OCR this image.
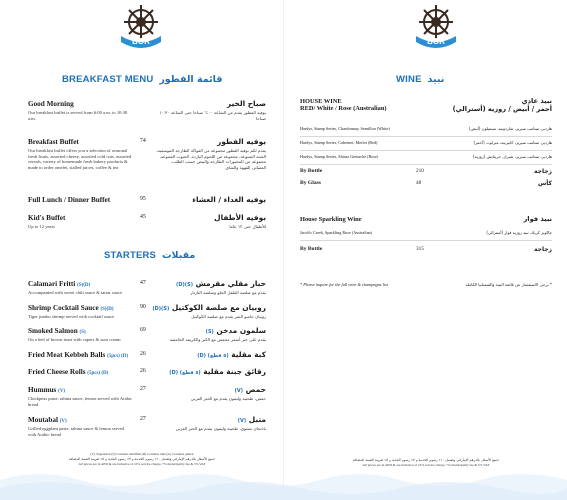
BOR
BREAKFAST MENU قائمة الفطور
Good Morning	صباح الخير
Our breakfast buffet is served from 6:00 a.m. to 10:30 a.m.
بوفيه الفطور يقدم من الساعة ٦:٠٠ صباحا حتى الساعة ١٠:٣٠ صباحا
Breakfast Buffet	74	بوفيه الفطور
Our breakfast buffet offers you a selection of seasonal fresh fruits, assorted cheese, assorted cold cuts, assorted cereals, variety of homemade fresh bakery products & made to order omelet, stalled juices, coffee & tea
يقدم لكم بوفيه الفطور مجموعة من الفواكه الطازجة الموسمية، الجبنة المتنوعة، مجموعة من اللحوم الباردة، الحبوب المتنوعة، مجموعة من المخبوزات الطازجة والبيض حسب الطلب، العصائر، القهوة والشاي
Full Lunch / Dinner Buffet	95	بوفيه الغداء / العشاء
Kid's Buffet	45	بوفيه الأطفال
Up to 12 years	للأطفال حتى ١٢ عاما
STARTERS مقبلات
Calamari Fritti (S)(D)	47	حبار مقلي مقرمش (S)(D)
Accompanied with sweet chili sauce & tartar sauce	يقدم مع صلصة الفلفل الحلو وصلصة التارتار
Shrimp Cocktail Sauce (S)(D)	90	روبيان مع صلصة الكوكتيل (S)(D)
Tiger jumbo shrimp served with cocktail sauce	روبيان جامبو النمر يقدم مع صلصة الكوكتيل
Smoked Salmon (S)	69	سلمون مدخن (S)
On a bed of brown toast with capers & sour cream	يقدم على خبز أسمر محمص مع الكبر والكريمة الحامضة
Fried Meat Kebbeh Balls (5pcs) (D) 26	كبة مقلية (٥ قطع) (D)
Fried Cheese Rolls (5pcs) (D)	26	رقائق جبنة مقلية (٥ قطع) (D)
Hummus (V)	27	حمص (V)
Chickpeas paste, tahina sauce, lemon served with Arabic bread
حمص، طحينة وليمون يقدم مع الخبز العربي
Moutabal (V)	27	متبل (V)
Grilled eggplant paste, tahina sauce & lemon served with Arabic bread
باذنجان مشوي، طحينة وليمون يقدم مع الخبز العربي
(V) Vegetarian (S) Contains shellfish (D) Contains nuts (G) Contains gluten
جميع الأسعار بالدرهم الإماراتي وتشمل ١٠٪ رسوم الخدمة و ٧٪ رسوم البلدية و ٥٪ ضريبة القيمة المضافة
All prices are in AED & are inclusive of 10% service charge, 7% municipality fee & 5% VAT
BOR
WINE نبيذ
HOUSE WINE
RED/ White / Rose (Australian)
نبيذ عادي
أحمر / أبيض / روزيه (أسترالي)
Hardys, Stamp Series, Chardonnay, Semillon (White)	هاردير، ستامب سيريز، شاردونيه، سيميلون (أبيض)
Hardys, Stamp Series, Cabernet, Merlot (Red)	هاردير، ستامب سيريز، كابيرنيه، ميرلوت (أحمر)
Hardys, Stamp Series, Shiraz Grenache (Rose)	هاردير، ستامب سيريز، شيراز، جرينانش (روزيه)
By Bottle	210	زجاجة
By Glass	48	كأس
House Sparkling Wine	نبيذ فوار
Jacob's Creek, Sparkling Rose (Australian)	جاكوبز كريك، نبيذ روزيه فوار (أسترالي)
By Bottle	315	زجاجة
* Please inquire for the full wine & champagne list	* يرجى الاستفسار عن قائمة النبيذ والشمبانيا الكاملة
جميع الأسعار بالدرهم الإماراتي وتشمل ١٠٪ رسوم الخدمة و ٧٪ رسوم البلدية و ٥٪ ضريبة القيمة المضافة
All prices are in AED & are inclusive of 10% service charge, 7% municipality fee & 5% VAT
